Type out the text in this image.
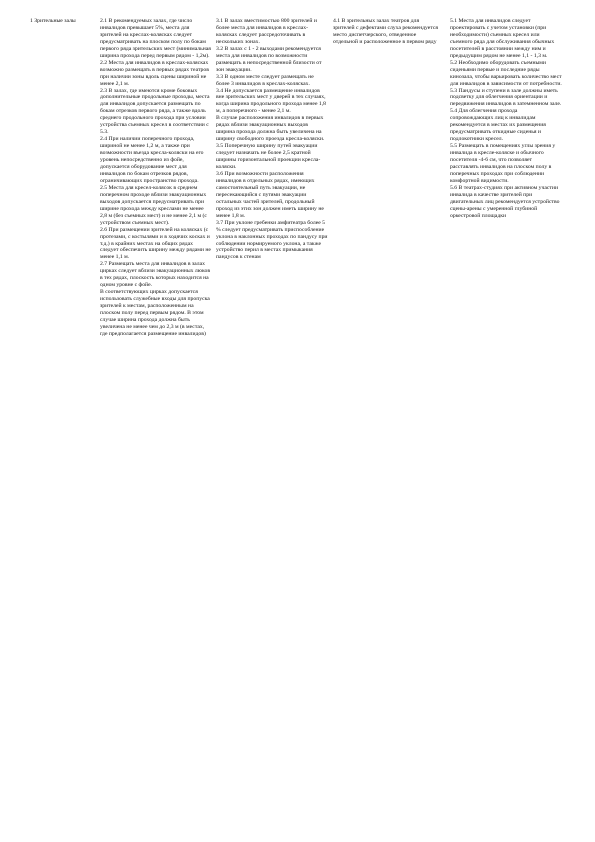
1 Зрительные залы	2.1 В рекомендуемых залах, где число инвалидов превышает 5%, места для зрителей на креслах-колясках следует предусматривать на плоском полу по бокам первого ряда зрительских мест (минимальная ширина прохода перед первым рядом - 1,2м).

2.2 Места для инвалидов в креслах-колясках возможно размещать в первых рядах театров при наличии зоны вдоль сцены шириной не менее 2,1 м.

2.3 В залах, где имеются кроме боковых дополнительные продольные проходы, места для инвалидов допускается размещать по бокам отрезков первого ряда, а также вдоль среднего продольного прохода при условии устройства съемных кресел в соответствии с 5.3.

2.4 При наличии поперечного прохода, шириной не менее 1,2 м, а также при возможности въезда кресла-коляски на его уровень непосредственно из фойе, допускается оборудование мест для инвалидов по бокам отрезков рядов, ограничивающих пространство прохода.

2.5 Места для кресел-колясок в среднем поперечном проходе вблизи эвакуационных выходов допускается предусматривать при ширине прохода между креслами не менее 2,8 м (без съемных мест) и не менее 2,1 м (с устройством съемных мест).

2.6 При размещении зрителей на колясках (с протезами, с костылями и в ходячих косках и т.д.) в крайних местах на общих рядах следует обеспечить ширину между рядами не менее 1,1 м.

2.7 Размещать места для инвалидов в залах циркаx следует вблизи эвакуационных люков в тех рядах, плоскость которых находится на одном уровне с фойе.

В соответствующих циркаx допускается использовать служебные входы для пропуска зрителей к местам, расположенным на плоском полу перед первым рядом. В этом случае ширина прохода должна быть увеличена не менее чем до 2,3 м (в местах, где предполагается размещение инвалидов)

3.1 В залах вместимостью 800 зрителей и более места для инвалидов в креслах-колясках следует рассредоточивать в нескольких зонах.

3.2 В залах с 1 - 2 выходами рекомендуется места для инвалидов по возможности размещать в непосредственной близости от зон эвакуации.

3.3 В одном месте следует размещать не более 3 инвалидов в креслах-колясках.

3.4 Не допускается размещение инвалидов вне зрительских мест у дверей в тех случаях, когда ширина продольного прохода менее 1,8 м, а поперечного - менее 2,1 м.

В случае расположения инвалидов в первых рядах вблизи эвакуационных выходов ширина прохода должна быть увеличена на ширину свободного проезда кресла-коляски.

3.5 Поперечную ширину путей эвакуации следует назначать не более 2,5 кратной ширины горизонтальной проекции кресла-коляски.

3.6 При возможности расположения инвалидов в отдельных рядах, имеющих самостоятельный путь эвакуации, не пересекающийся с путями эвакуации остальных частей зрителей, продольный проход из этих зон должен иметь ширину не менее 1,8 м.

3.7 При уклоне гребенки амфитеатра более 5 % следует предусматривать приспособление уклона в наклонных проходах по пандусу при соблюдении нормируемого уклона, а также устройство перил в местах примыкания пандусов к стенам

4.1 В зрительных залах театров для зрителей с дефектами слуха рекомендуется место диспетчерского, отведенное отдельной и расположенное в первом ряду

5.1 Места для инвалидов следует проектировать с учетом установки (при необходимости) съемных кресел или съемного ряда для обслуживания обычных посетителей в расстоянии между ним и предыдущим рядом не менее 1,1 - 1,3 м.

5.2 Необходимо оборудовать съемными сиденьями первые и последние ряды кинозала, чтобы варьировать количество мест для инвалидов в зависимости от потребности.

5.3 Пандусы и ступени в зале должны иметь подсветку для облегчения ориентации и передвижения инвалидов в затемненном зале.

5.4 Для облегчения прохода сопровождающих лиц к инвалидам рекомендуется в местах их размещения предусматривать откидные сиденья и подлокотники кресел.

5.5 Размещать в помещениях углы зрения у инвалида в кресле-коляске и обычного посетителя -4-6 см, что позволяет расставлять инвалидов на плоском полу в поперечных проходах при соблюдении комфортной видимости.

5.6 В театрах-студиях при активном участии инвалида в качестве зрителей при двигательных лиц рекомендуется устройство сцены-арены с умеренной глубиной оркестровой площадки
